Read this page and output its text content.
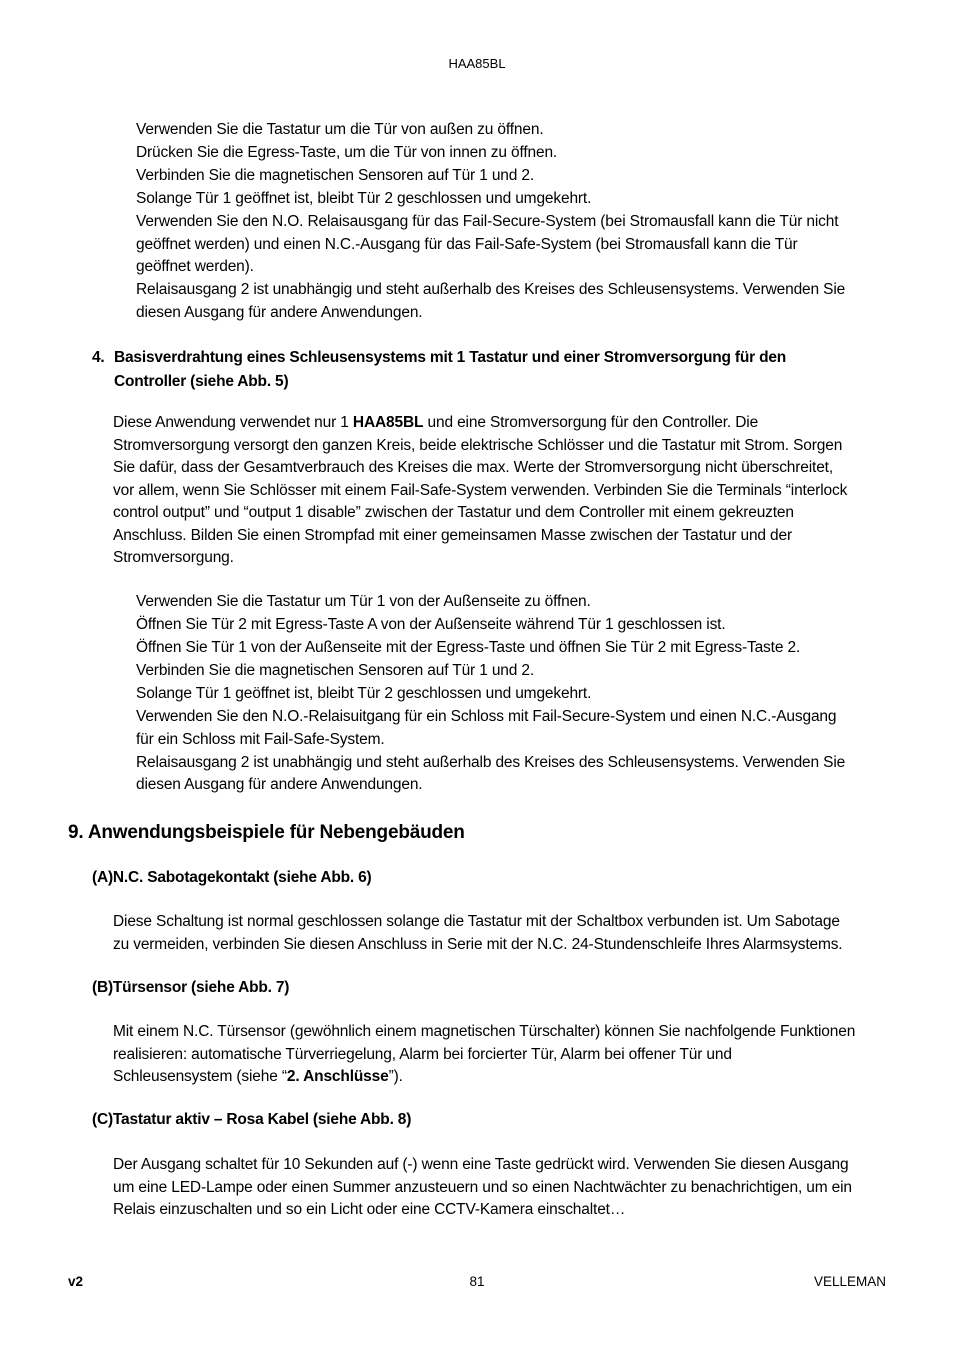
HAA85BL
Verwenden Sie die Tastatur um die Tür von außen zu öffnen.
Drücken Sie die Egress-Taste, um die Tür von innen zu öffnen.
Verbinden Sie die magnetischen Sensoren auf Tür 1 und 2.
Solange Tür 1 geöffnet ist, bleibt Tür 2 geschlossen und umgekehrt.
Verwenden Sie den N.O. Relaisausgang für das Fail-Secure-System (bei Stromausfall kann die Tür nicht
geöffnet werden) und einen N.C.-Ausgang für das Fail-Safe-System (bei Stromausfall kann die Tür
geöffnet werden).
Relaisausgang 2 ist unabhängig und steht außerhalb des Kreises des Schleusensystems. Verwenden Sie
diesen Ausgang für andere Anwendungen.
4. Basisverdrahtung eines Schleusensystems mit 1 Tastatur und einer Stromversorgung für den
Controller (siehe Abb. 5)
Diese Anwendung verwendet nur 1 HAA85BL und eine Stromversorgung für den Controller. Die
Stromversorgung versorgt den ganzen Kreis, beide elektrische Schlösser und die Tastatur mit Strom. Sorgen
Sie dafür, dass der Gesamtverbrauch des Kreises die max. Werte der Stromversorgung nicht überschreitet,
vor allem, wenn Sie Schlösser mit einem Fail-Safe-System verwenden. Verbinden Sie die Terminals “interlock
control output” und “output 1 disable” zwischen der Tastatur und dem Controller mit einem gekreuzten
Anschluss. Bilden Sie einen Strompfad mit einer gemeinsamen Masse zwischen der Tastatur und der
Stromversorgung.
Verwenden Sie die Tastatur um Tür 1 von der Außenseite zu öffnen.
Öffnen Sie Tür 2 mit Egress-Taste A von der Außenseite während Tür 1 geschlossen ist.
Öffnen Sie Tür 1 von der Außenseite mit der Egress-Taste und öffnen Sie Tür 2 mit Egress-Taste 2.
Verbinden Sie die magnetischen Sensoren auf Tür 1 und 2.
Solange Tür 1 geöffnet ist, bleibt Tür 2 geschlossen und umgekehrt.
Verwenden Sie den N.O.-Relaisuitgang für ein Schloss mit Fail-Secure-System und einen N.C.-Ausgang
für ein Schloss mit Fail-Safe-System.
Relaisausgang 2 ist unabhängig und steht außerhalb des Kreises des Schleusensystems. Verwenden Sie
diesen Ausgang für andere Anwendungen.
9. Anwendungsbeispiele für Nebengebäuden
(A)N.C. Sabotagekontakt (siehe Abb. 6)
Diese Schaltung ist normal geschlossen solange die Tastatur mit der Schaltbox verbunden ist. Um Sabotage
zu vermeiden, verbinden Sie diesen Anschluss in Serie mit der N.C. 24-Stundenschleife Ihres Alarmsystems.
(B)Türsensor (siehe Abb. 7)
Mit einem N.C. Türsensor (gewöhnlich einem magnetischen Türschalter) können Sie nachfolgende Funktionen
realisieren: automatische Türverriegelung, Alarm bei forcierter Tür, Alarm bei offener Tür und
Schleusensystem (siehe “2. Anschlüsse”).
(C)Tastatur aktiv – Rosa Kabel (siehe Abb. 8)
Der Ausgang schaltet für 10 Sekunden auf (-) wenn eine Taste gedrückt wird. Verwenden Sie diesen Ausgang
um eine LED-Lampe oder einen Summer anzusteuern und so einen Nachtwächter zu benachrichtigen, um ein
Relais einzuschalten und so ein Licht oder eine CCTV-Kamera einschaltet…
v2	81	VELLEMAN
